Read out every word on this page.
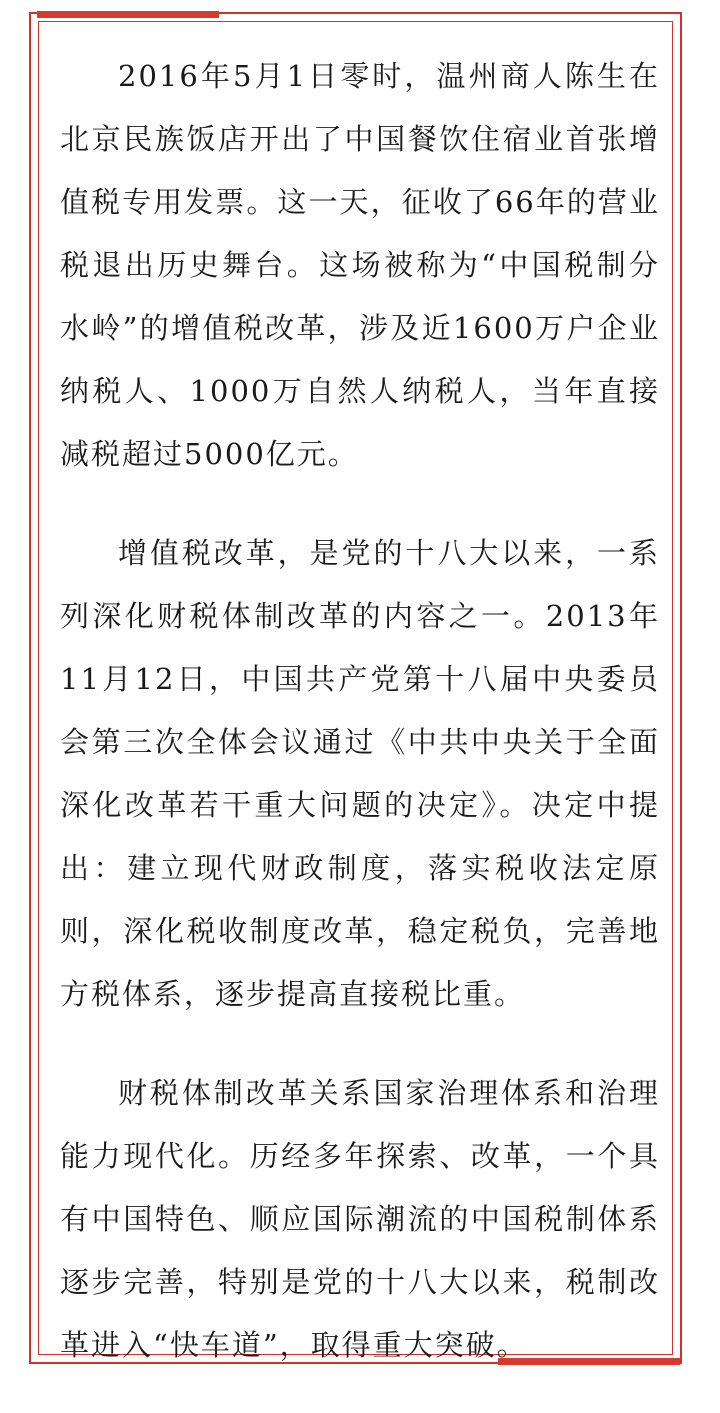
2016年5月1日零时，温州商人陈生在北京民族饭店开出了中国餐饮住宿业首张增值税专用发票。这一天，征收了66年的营业税退出历史舞台。这场被称为“中国税制分水岭”的增值税改革，涉及近1600万户企业纳税人、1000万自然人纳税人，当年直接减税超过5000亿元。

增值税改革，是党的十八大以来，一系列深化财税体制改革的内容之一。2013年11月12日，中国共产党第十八届中央委员会第三次全体会议通过《中共中央关于全面深化改革若干重大问题的决定》。决定中提出：建立现代财政制度，落实税收法定原则，深化税收制度改革，稳定税负，完善地方税体系，逐步提高直接税比重。

财税体制改革关系国家治理体系和治理能力现代化。历经多年探索、改革，一个具有中国特色、顺应国际潮流的中国税制体系逐步完善，特别是党的十八大以来，税制改革进入“快车道”，取得重大突破。
